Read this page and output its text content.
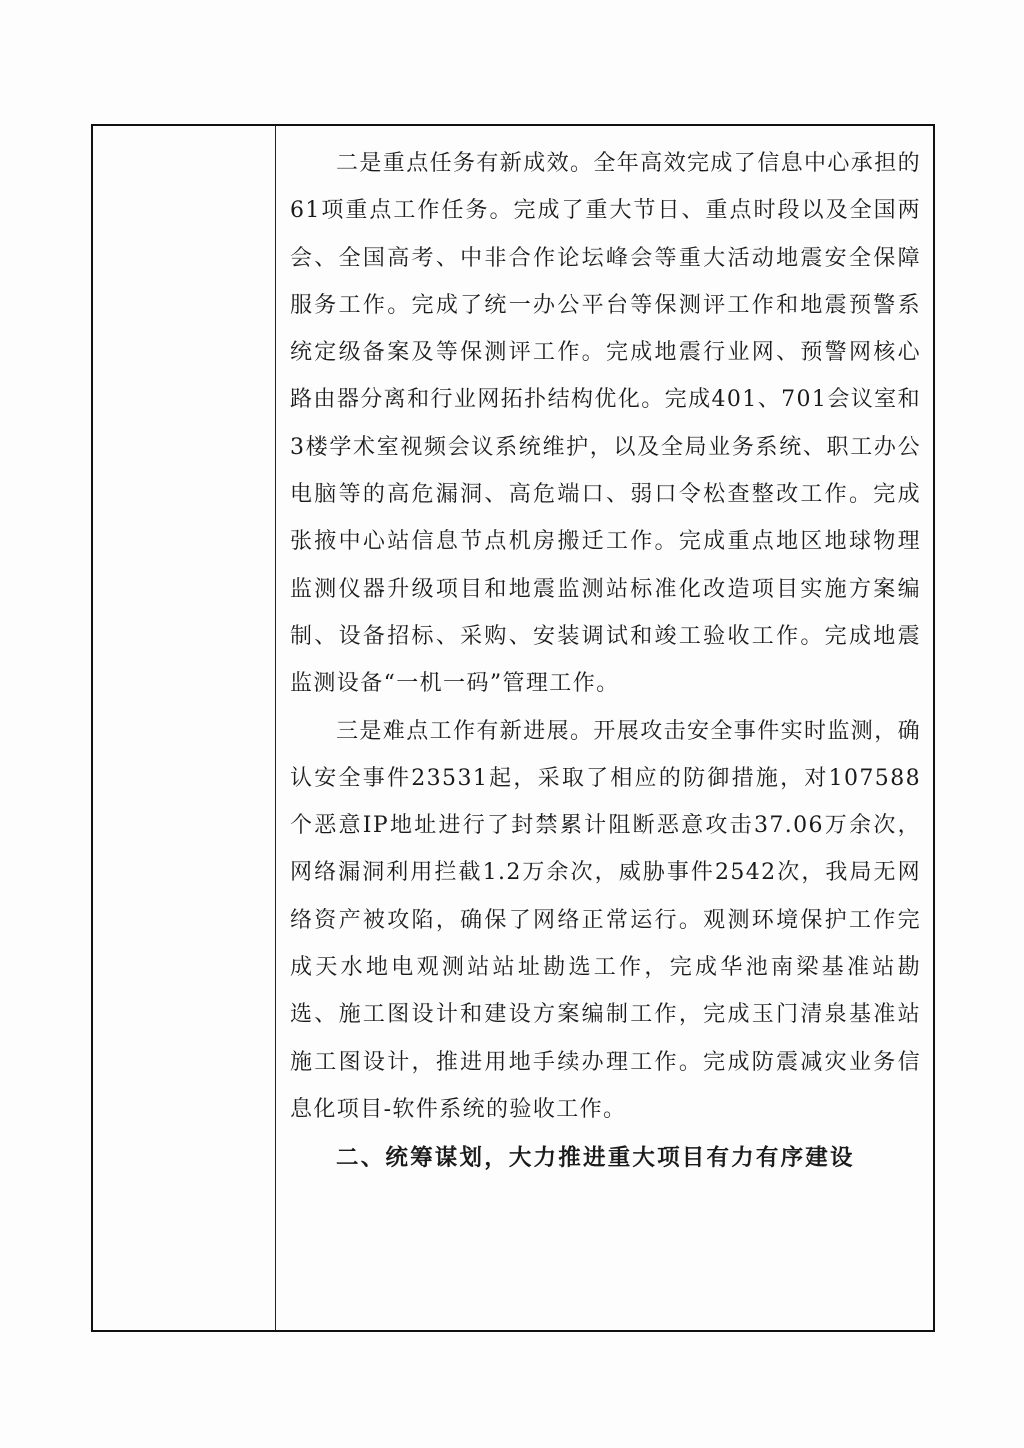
二是重点任务有新成效。全年高效完成了信息中心承担的61项重点工作任务。完成了重大节日、重点时段以及全国两会、全国高考、中非合作论坛峰会等重大活动地震安全保障服务工作。完成了统一办公平台等保测评工作和地震预警系统定级备案及等保测评工作。完成地震行业网、预警网核心路由器分离和行业网拓扑结构优化。完成401、701会议室和3楼学术室视频会议系统维护，以及全局业务系统、职工办公电脑等的高危漏洞、高危端口、弱口令松查整改工作。完成张掖中心站信息节点机房搬迁工作。完成重点地区地球物理监测仪器升级项目和地震监测站标准化改造项目实施方案编制、设备招标、采购、安装调试和竣工验收工作。完成地震监测设备“一机一码”管理工作。

三是难点工作有新进展。开展攻击安全事件实时监测，确认安全事件23531起，采取了相应的防御措施，对107588个恶意IP地址进行了封禁累计阻断恶意攻击37.06万余次，网络漏洞利用拦截1.2万余次，威胁事件2542次，我局无网络资产被攻陷，确保了网络正常运行。观测环境保护工作完成天水地电观测站站址勘选工作，完成华池南梁基准站勘选、施工图设计和建设方案编制工作，完成玉门清泉基准站施工图设计，推进用地手续办理工作。完成防震减灾业务信息化项目-软件系统的验收工作。

二、统筹谋划，大力推进重大项目有力有序建设
